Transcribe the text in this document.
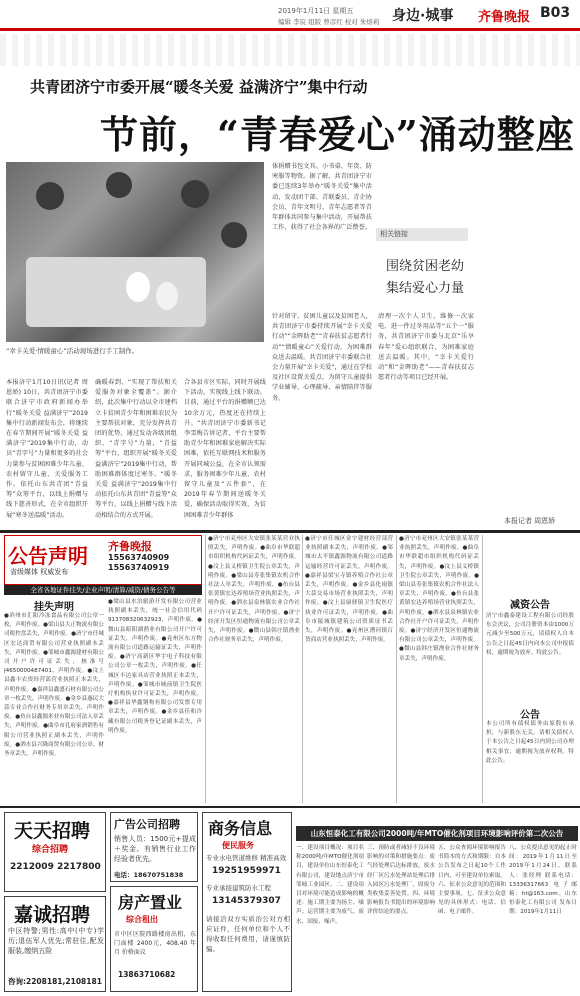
2019年1月11日 星期五
编辑 李宸 组版 曾彦红 校对 朱熔莉 身边·城事 齐鲁晚报 B03
共青团济宁市委开展“暖冬关爱 益满济宁”集中行动
节前，“青春爱心”涌动整座
“幸卡关爱·情暖童心”活动现场进行手工制作。
本报济宁1月10日讯(记者 周恩娇) 10日，共青团济宁市委联合济宁市政府新闻办举行“暖冬关爱 益满济宁”2019集中行动新闻发布会，将继续在春节期间开展“暖冬关爱 益满济宁”2019集中行动，动员“青字号”力量和更多的社会力量参与贫困困难少年儿童、农村留守儿童、关爱服务工作。依托山东共青团“青益筹”众筹平台，以线上捐赠与线下慈善形式，在全市组织开展“寒冬送温暖”活动。
确暖春到，“实现了帮扶和关爱服务对象全覆盖”。据介绍，此次集中行动以全市建档立卡贫困青少年和困难农民为主要帮扶对象，充分发挥共青团的优势，通过发动各级团组织、“青字号”力量，“青益筹”平台，组织开展“暖冬关爱 益满济宁”2019集中行动，帮助困难群体度过寒冬。“暖冬关爱 益满济宁”2019集中行动依托山东共青团“青益筹”众筹平台，以线上捐赠与线下活动相结合的方式开展。
合各县市区实际，同时开展线下活动，实现线上线下联动。目前，通过平台的捐赠额已达10余万元，热度还在持续上升。“共青团济宁市委新书记李雪梅告诉记者，平台主要帮助青少年和困难家庭解决实际困难，依托互联网技术和服务开展同城公益，在全市认领需求，服务困难少年儿童、农村留守儿童及“五件套”，在2019年春节期间送暖冬关爱，确保活动取得实效，为贫困困难青少年群体
体捐赠书包文具、小书桌、年货、防寒服等物资。据了解，共青团济宁市委已连续3年举办“暖冬关爱”集中活动，发动团干部、青联委员、青企协会员、青年文明号、青年志愿者等青年群体共同参与集中活动，开展帮扶工作，获得了社会各界的广泛赞誉。
相关链接
围绕贫困老幼
集结爱心力量
针对留守、贫困儿童以及贫困老人，共青团济宁市委持续开展“幸卡关爱行动”“金晖助老”“青春扶贫志愿者行动”“情暖童心”关爱行动，为困难群众送去温暖。共青团济宁市委联合社会力量开展“幸卡关爱”，通过在学校及社区设置关爱点，为留守儿童提供学业辅导、心理疏导、亲情陪伴等服务。
清理一次个人卫生，维修一次家电，进一件过冬用品等“五个一”服务，共青团济宁市委与北京“乐享春年”爱心组织联合，为困难家庭送去温暖。其中，“幸卡关爱行动”和“金晖助老”——青春扶贫志愿者行动等项目已经开展。
本报记者 周恩娇
公告声明 齐鲁晚报
15563740909
15563740919
省级媒体 权威发布
全省各地证件挂失/企业声明/清算/减资/债务公告等
挂失声明
●滨州市汇阳冷冻食品有限公司公章一枚，声明作废。●梁山县大正物流有限公司税控盘丢失，声明作废。●济宁市任城区宏达商贸有限公司营业执照副本丢失，声明作废。●邹城市鑫源建材有限公司开户许可证丢失，核准号J4650000487401，声明作废。●汶上县鑫丰农资经营部营业执照正本丢失，声明作废。●嘉祥县鑫盛石材有限公司公章一枚丢失，声明作废。●金乡县惠民大蒜专业合作社财务专用章丢失，声明作废。●鱼台县鑫源米业有限公司法人章丢失，声明作废。●曲阜市孔府家酒销售有限公司营业执照正副本丢失，声明作废。●泗水县兴隆商贸有限公司公章、财务章丢失，声明作废。
●梁山县水泊旅游开发有限公司营业执照副本丢失，统一社会信用代码913708320632923，声明作废。●微山县昭阳湖渔业有限公司开户许可证丢失，声明作废。●兖州区东方物流有限公司道路运输证丢失，声明作废。●济宁高新区华宇电子科技有限公司公章一枚丢失，声明作废。●任城区丰达家具店营业执照正本丢失，声明作废。●邹城市城前镇卫生院医疗机构执业许可证丢失，声明作废。●嘉祥县华鑫钢构有限公司发票专用章丢失，声明作废。●金乡县佳和冷藏有限公司税务登记证副本丢失，声明作废。
●济宁市兖州区大安镇张某某营业执照丢失，声明作废。●曲阜市华联超市组织机构代码证丢失，声明作废。●汶上县义桥镇卫生院公章丢失，声明作废。●梁山县寿张集镇农机合作社法人章丢失，声明作废。●鱼台县张黄镇宏达养殖场营业执照丢失，声明作废。●泗水县泉林镇农业合作社开户许可证丢失，声明作废。●济宁经济开发区恒通物流有限公司公章丢失，声明作废。●微山县韩庄镇渔业合作社财务章丢失，声明作废。
●济宁市任城区金宇建材经营部营业执照副本丢失，声明作废。●邹城市太平镇鑫源物流有限公司道路运输经营许可证丢失，声明作废。●嘉祥县梁宝寺镇养殖合作社公章丢失，声明作废。●金乡县化雨镇大蒜交易市场营业执照丢失，声明作废。●汶上县康驿镇卫生院医疗执业许可证丢失，声明作废。●曲阜市陵城镇建筑公司资质证书丢失，声明作废。●兖州区漕河镇百货商店营业执照丢失，声明作废。
●济宁市兖州区大安镇张某某营业执照丢失，声明作废。●曲阜市华联超市组织机构代码证丢失，声明作废。●汶上县义桥镇卫生院公章丢失，声明作废。●梁山县寿张集镇农机合作社法人章丢失，声明作废。●鱼台县张黄镇宏达养殖场营业执照丢失，声明作废。●泗水县泉林镇农业合作社开户许可证丢失，声明作废。●济宁经济开发区恒通物流有限公司公章丢失，声明作废。●微山县韩庄镇渔业合作社财务章丢失，声明作废。
减资公告
济宁市鑫泰建设工程有限公司经股东会决议，公司注册资本由1000万元减少至500万元，请债权人自本公告之日起45日内向本公司申报债权，逾期视为放弃。特此公告。
公告
本公司所有债权债务由原股东承担，与新股东无关。请相关债权人于本公告之日起45日内到公司办理相关事宜，逾期视为放弃权利。特此公告。
天天招聘
综合招聘
2212009 2217800
嘉诚招聘
中区特警;男性:高中(中专)学历;退伍军人优先;常驻住,配发服装,缴纳五险
咨询:2208181,2108181
广告公司招聘
销售人员：1500元+提成＋奖金。有销售行业工作经验者优先。
电话：18670751838
房产置业
综合租出
市中区区院西路楼房出租，东门面楼 2400元，408.40 年月 价格面议
13863710682
商务信息
便民服务
专业水电管道维修 精准高效
19251959971
专业承接建筑防水工程
13145379307
请接洽双方实质治公对方相应证件，任何单位和个人不得收取任何费用，请谨慎防骗。
山东恒泰化工有限公司2000吨/年MTO催化剂项目环境影响评价第二次公告
一、建设项目概况：项目名称2000吨/年MTO催化剂项目，建设单位山东恒泰化工有限公司，建设地点济宁市邹城工业园区。二、建设项目对环境可能造成影响的概述：施工期主要为扬尘、噪声；运营期主要为废气、废水、固废、噪声。
三、预防或者减轻不良环境影响的对策和措施要点：废气经处理后达标排放，废水经厂区污水处理站处理后排入园区污水处理厂，固废分类收集妥善处置。四、环境影响报告书提出的环境影响评价结论的要点。
五、公众查阅环境影响报告书简本的方式和期限：自本公告发布之日起10个工作日内，可至建设单位索取。六、征求公众意见的范围和主要事项。七、征求公众意见的具体形式：电话、信函、电子邮件。
八、公众提出意见的起止时间：2019年1月11日至2019年1月24日。联系人：张经理 联系电话：13336317663 电子邮箱：ht@163.com。山东恒泰化工有限公司 发布日期：2019年1月11日
